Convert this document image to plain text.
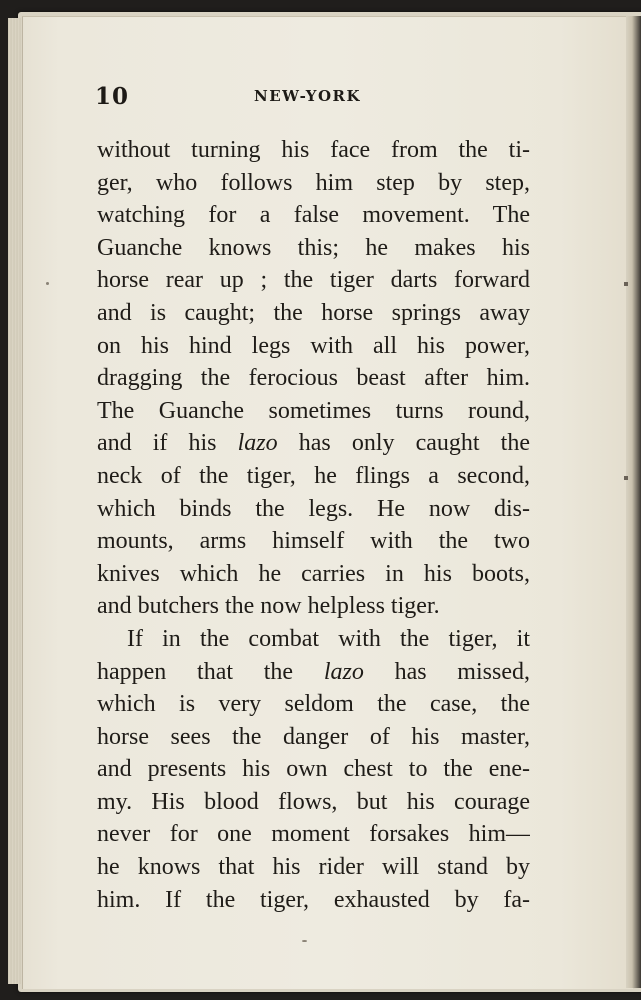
10	NEW-YORK
without turning his face from the ti-
ger, who follows him step by step,
watching for a false movement. The
Guanche knows this; he makes his
horse rear up ; the tiger darts forward
and is caught; the horse springs away
on his hind legs with all his power,
dragging the ferocious beast after him.
The Guanche sometimes turns round,
and if his lazo has only caught the
neck of the tiger, he flings a second,
which binds the legs. He now dis-
mounts, arms himself with the two
knives which he carries in his boots,
and butchers the now helpless tiger.
If in the combat with the tiger, it
happen that the lazo has missed,
which is very seldom the case, the
horse sees the danger of his master,
and presents his own chest to the ene-
my. His blood flows, but his courage
never for one moment forsakes him—
he knows that his rider will stand by
him. If the tiger, exhausted by fa-
